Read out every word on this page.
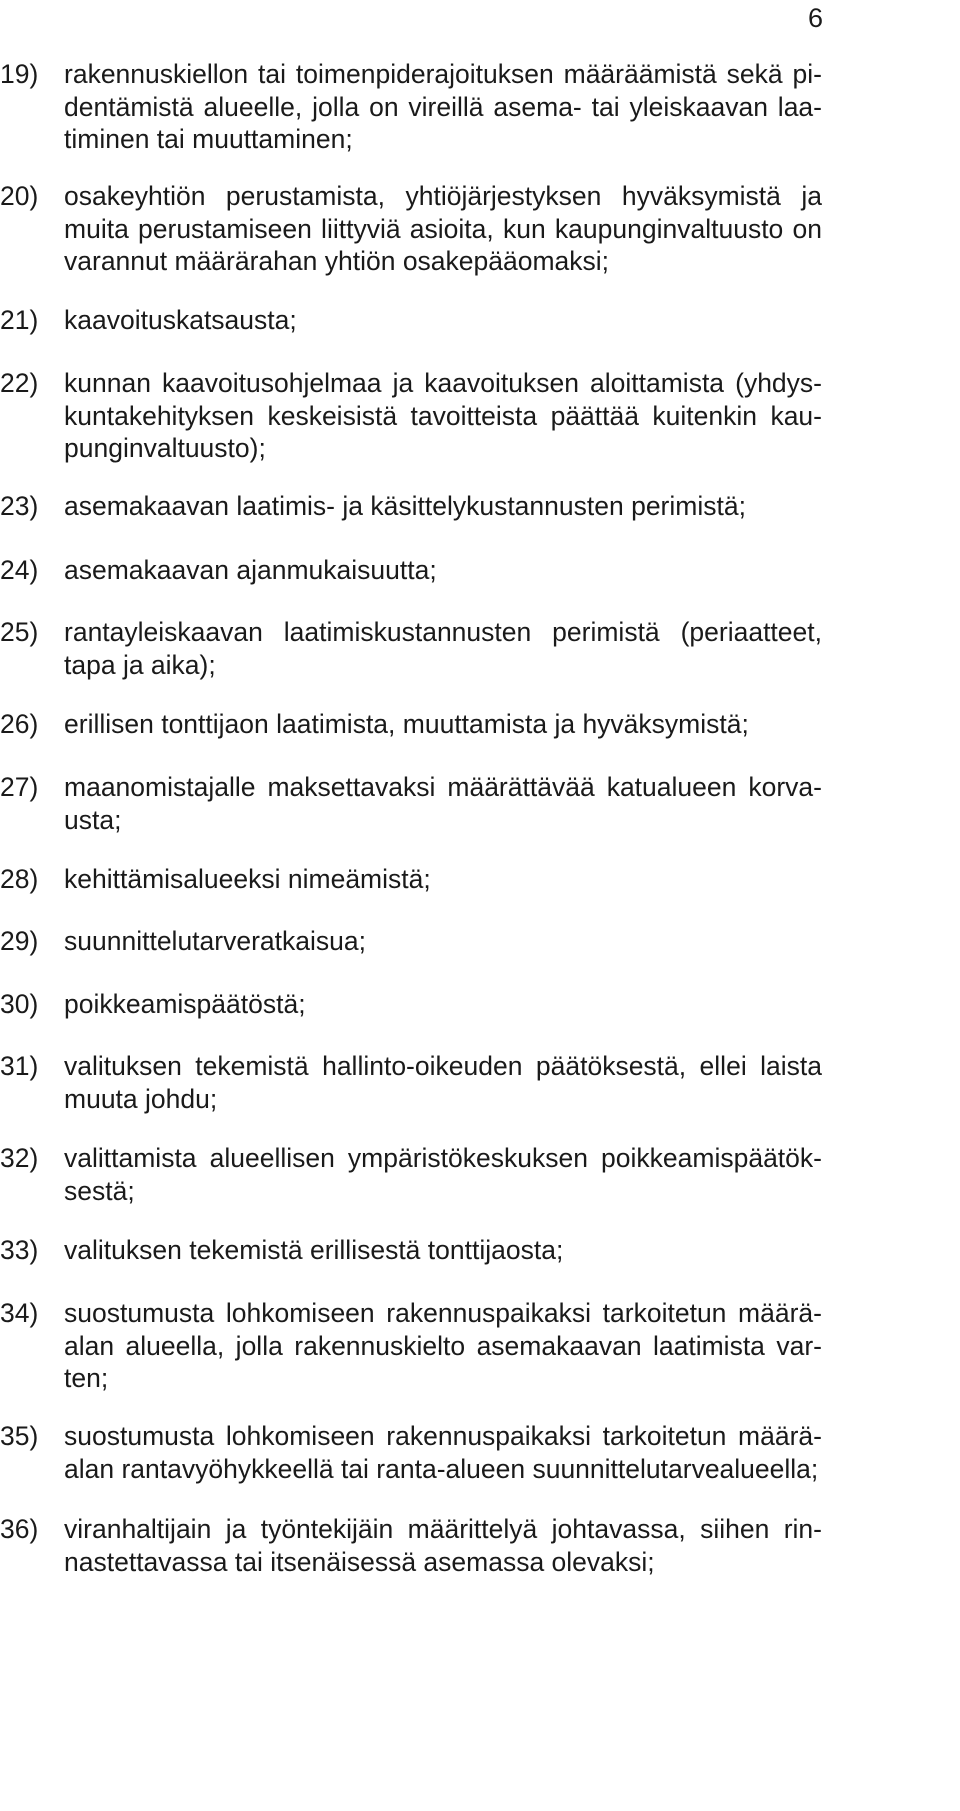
6
19) rakennuskiellon tai toimenpiderajoituksen määräämistä sekä pi-
dentämistä alueelle, jolla on vireillä asema- tai yleiskaavan laa-
timinen tai muuttaminen;
20) osakeyhtiön perustamista, yhtiöjärjestyksen hyväksymistä ja
muita perustamiseen liittyviä asioita, kun kaupunginvaltuusto on
varannut määrärahan yhtiön osakepääomaksi;
21) kaavoituskatsausta;
22) kunnan kaavoitusohjelmaa ja kaavoituksen aloittamista (yhdys-
kuntakehityksen keskeisistä tavoitteista päättää kuitenkin kau-
punginvaltuusto);
23) asemakaavan laatimis- ja käsittelykustannusten perimistä;
24) asemakaavan ajanmukaisuutta;
25) rantayleiskaavan laatimiskustannusten perimistä (periaatteet,
tapa ja aika);
26) erillisen tonttijaon laatimista, muuttamista ja hyväksymistä;
27) maanomistajalle maksettavaksi määrättävää katualueen korva-
usta;
28) kehittämisalueeksi nimeämistä;
29) suunnittelutarveratkaisua;
30) poikkeamispäätöstä;
31) valituksen tekemistä hallinto-oikeuden päätöksestä, ellei laista
muuta johdu;
32) valittamista alueellisen ympäristökeskuksen poikkeamispäätök-
sestä;
33) valituksen tekemistä erillisestä tonttijaosta;
34) suostumusta lohkomiseen rakennuspaikaksi tarkoitetun määrä-
alan alueella, jolla rakennuskielto asemakaavan laatimista var-
ten;
35) suostumusta lohkomiseen rakennuspaikaksi tarkoitetun määrä-
alan rantavyöhykkeellä tai ranta-alueen suunnittelutarvealueella;
36) viranhaltijain ja työntekijäin määrittelyä johtavassa, siihen rin-
nastettavassa tai itsenäisessä asemassa olevaksi;
